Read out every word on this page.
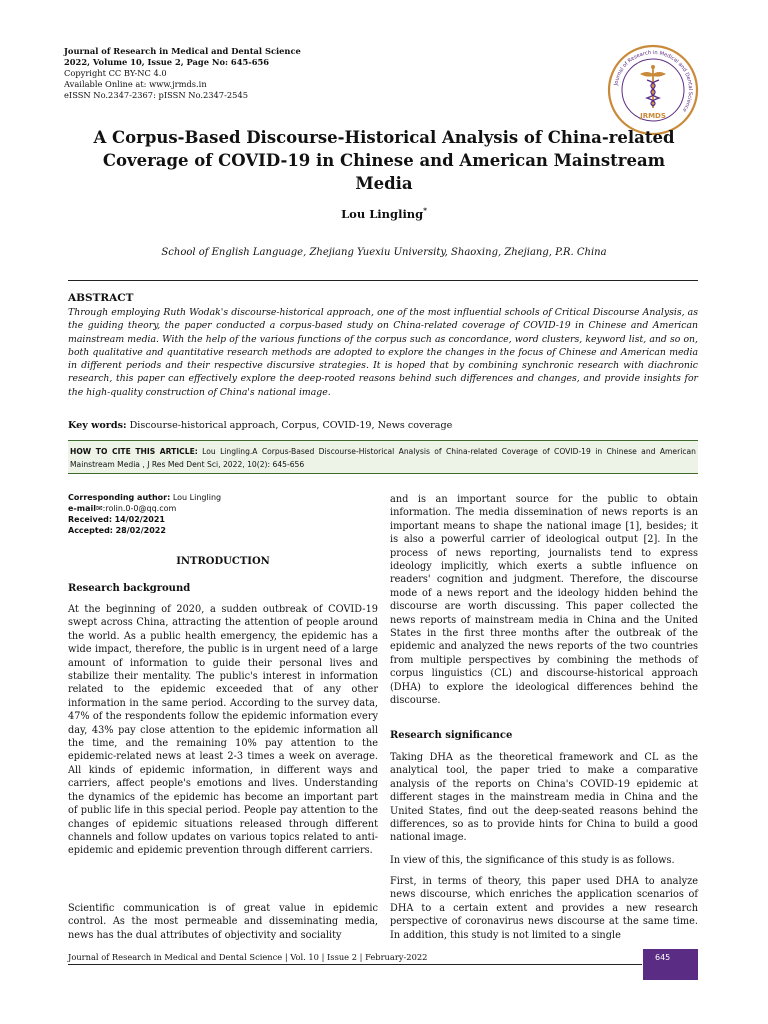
Journal of Research in Medical and Dental Science
2022, Volume 10, Issue 2, Page No: 645-656
Copyright CC BY-NC 4.0
Available Online at: www.jrmds.in
eISSN No.2347-2367: pISSN No.2347-2545
Journal of Research in Medical and Dental Science
JRMDS
A Corpus-Based Discourse-Historical Analysis of China-related Coverage of COVID-19 in Chinese and American Mainstream Media
Lou Lingling*
School of English Language, Zhejiang Yuexiu University, Shaoxing, Zhejiang, P.R. China
ABSTRACT

Through employing Ruth Wodak's discourse-historical approach, one of the most influential schools of Critical Discourse Analysis, as the guiding theory, the paper conducted a corpus-based study on China-related coverage of COVID-19 in Chinese and American mainstream media. With the help of the various functions of the corpus such as concordance, word clusters, keyword list, and so on, both qualitative and quantitative research methods are adopted to explore the changes in the focus of Chinese and American media in different periods and their respective discursive strategies. It is hoped that by combining synchronic research with diachronic research, this paper can effectively explore the deep-rooted reasons behind such differences and changes, and provide insights for the high-quality construction of China's national image.

Key words: Discourse-historical approach, Corpus, COVID-19, News coverage
HOW TO CITE THIS ARTICLE: Lou Lingling.A Corpus-Based Discourse-Historical Analysis of China-related Coverage of COVID-19 in Chinese and American Mainstream Media , J Res Med Dent Sci, 2022, 10(2): 645-656
Corresponding author: Lou Lingling
e-mail✉:rolin.0-0@qq.com
Received: 14/02/2021
Accepted: 28/02/2022
INTRODUCTION
Research background

At the beginning of 2020, a sudden outbreak of COVID-19 swept across China, attracting the attention of people around the world. As a public health emergency, the epidemic has a wide impact, therefore, the public is in urgent need of a large amount of information to guide their personal lives and stabilize their mentality. The public's interest in information related to the epidemic exceeded that of any other information in the same period. According to the survey data, 47% of the respondents follow the epidemic information every day, 43% pay close attention to the epidemic information all the time, and the remaining 10% pay attention to the epidemic-related news at least 2-3 times a week on average. All kinds of epidemic information, in different ways and carriers, affect people's emotions and lives. Understanding the dynamics of the epidemic has become an important part of public life in this special period. People pay attention to the changes of epidemic situations released through different channels and follow updates on various topics related to anti-epidemic and epidemic prevention through different carriers.

Scientific communication is of great value in epidemic control. As the most permeable and disseminating media, news has the dual attributes of objectivity and sociality

and is an important source for the public to obtain information. The media dissemination of news reports is an important means to shape the national image [1], besides; it is also a powerful carrier of ideological output [2]. In the process of news reporting, journalists tend to express ideology implicitly, which exerts a subtle influence on readers' cognition and judgment. Therefore, the discourse mode of a news report and the ideology hidden behind the discourse are worth discussing. This paper collected the news reports of mainstream media in China and the United States in the first three months after the outbreak of the epidemic and analyzed the news reports of the two countries from multiple perspectives by combining the methods of corpus linguistics (CL) and discourse-historical approach (DHA) to explore the ideological differences behind the discourse.

Research significance

Taking DHA as the theoretical framework and CL as the analytical tool, the paper tried to make a comparative analysis of the reports on China's COVID-19 epidemic at different stages in the mainstream media in China and the United States, find out the deep-seated reasons behind the differences, so as to provide hints for China to build a good national image.

In view of this, the significance of this study is as follows.

First, in terms of theory, this paper used DHA to analyze news discourse, which enriches the application scenarios of DHA to a certain extent and provides a new research perspective of coronavirus news discourse at the same time. In addition, this study is not limited to a single

Journal of Research in Medical and Dental Science | Vol. 10 | Issue 2 | February-2022	645
